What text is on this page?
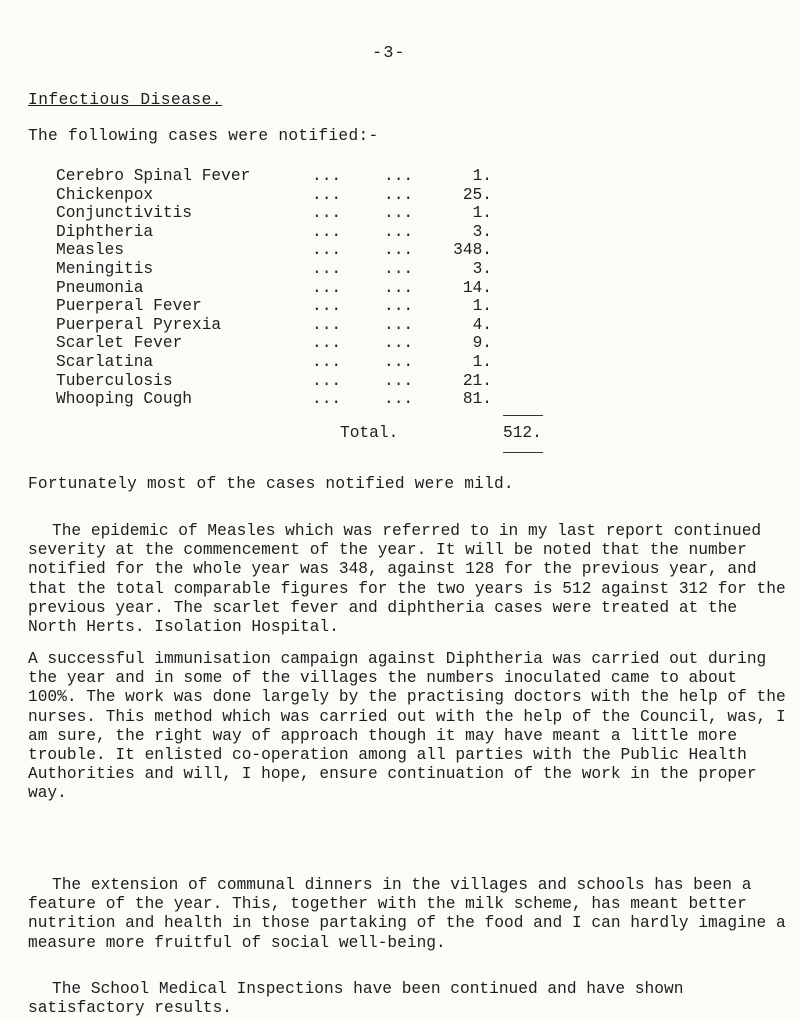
-3-
Infectious Disease.
The following cases were notified:-
Cerebro Spinal Fever	...	...	1.
Chickenpox	...	...	25.
Conjunctivitis	...	...	1.
Diphtheria	...	...	3.
Measles	...	...	348.
Meningitis	...	...	3.
Pneumonia	...	...	14.
Puerperal Fever	...	...	1.
Puerperal Pyrexia	...	...	4.
Scarlet Fever	...	...	9.
Scarlatina	...	...	1.
Tuberculosis	...	...	21.
Whooping Cough	...	...	81.
Total.	512.
Fortunately most of the cases notified were mild.

The epidemic of Measles which was referred to in my last report continued severity at the commencement of the year. It will be noted that the number notified for the whole year was 348, against 128 for the previous year, and that the total comparable figures for the two years is 512 against 312 for the previous year. The scarlet fever and diphtheria cases were treated at the North Herts. Isolation Hospital.

A successful immunisation campaign against Diphtheria was carried out during the year and in some of the villages the numbers inoculated came to about 100%. The work was done largely by the practising doctors with the help of the nurses. This method which was carried out with the help of the Council, was, I am sure, the right way of approach though it may have meant a little more trouble. It enlisted co-operation among all parties with the Public Health Authorities and will, I hope, ensure continuation of the work in the proper way.

The extension of communal dinners in the villages and schools has been a feature of the year. This, together with the milk scheme, has meant better nutrition and health in those partaking of the food and I can hardly imagine a measure more fruitful of social well-being.

The School Medical Inspections have been continued and have shown satisfactory results.
